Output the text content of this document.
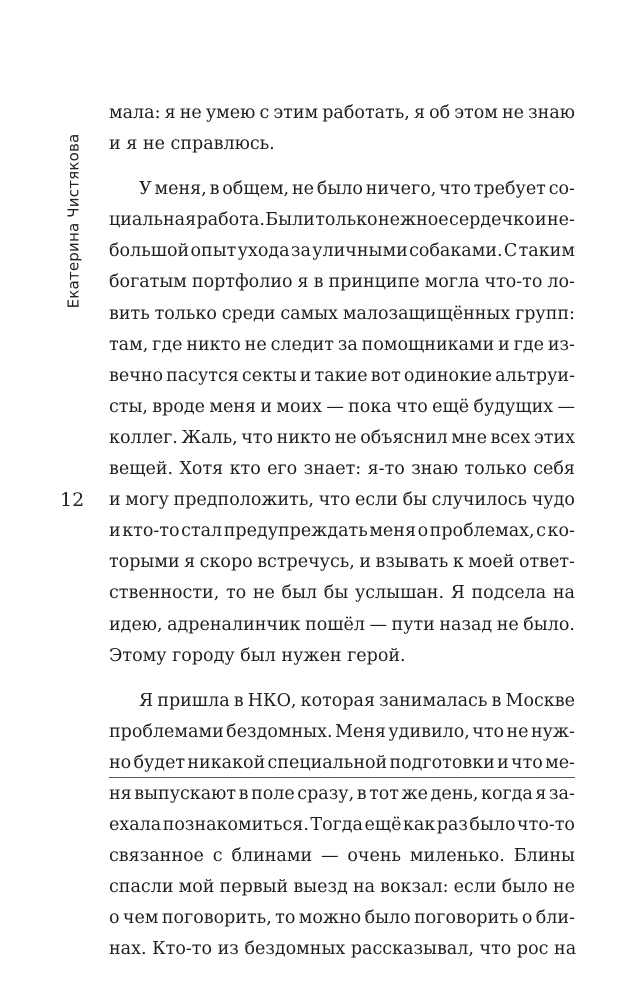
Екатерина Чистякова
12
мала: я не умею с этим работать, я об этом не знаю
и я не справлюсь.
У меня, в общем, не было ничего, что требует со-
циальная работа. Были только нежное сердечко и не-
большой опыт ухода за уличными собаками. С таким
богатым портфолио я в принципе могла что-то ло-
вить только среди самых малозащищённых групп:
там, где никто не следит за помощниками и где из-
вечно пасутся секты и такие вот одинокие альтруи-
сты, вроде меня и моих — пока что ещё будущих —
коллег. Жаль, что никто не объяснил мне всех этих
вещей. Хотя кто его знает: я-то знаю только себя
и могу предположить, что если бы случилось чудо
и кто-то стал предупреждать меня о проблемах, с ко-
торыми я скоро встречусь, и взывать к моей ответ-
ственности, то не был бы услышан. Я подсела на
идею, адреналинчик пошёл — пути назад не было.
Этому городу был нужен герой.
Я пришла в НКО, которая занималась в Москве
проблемами бездомных. Меня удивило, что не нуж-
но будет никакой специальной подготовки и что ме-
ня выпускают в поле сразу, в тот же день, когда я за-
ехала познакомиться. Тогда ещё как раз было что-то
связанное с блинами — очень миленько. Блины
спасли мой первый выезд на вокзал: если было не
о чем поговорить, то можно было поговорить о бли-
нах. Кто-то из бездомных рассказывал, что рос на
